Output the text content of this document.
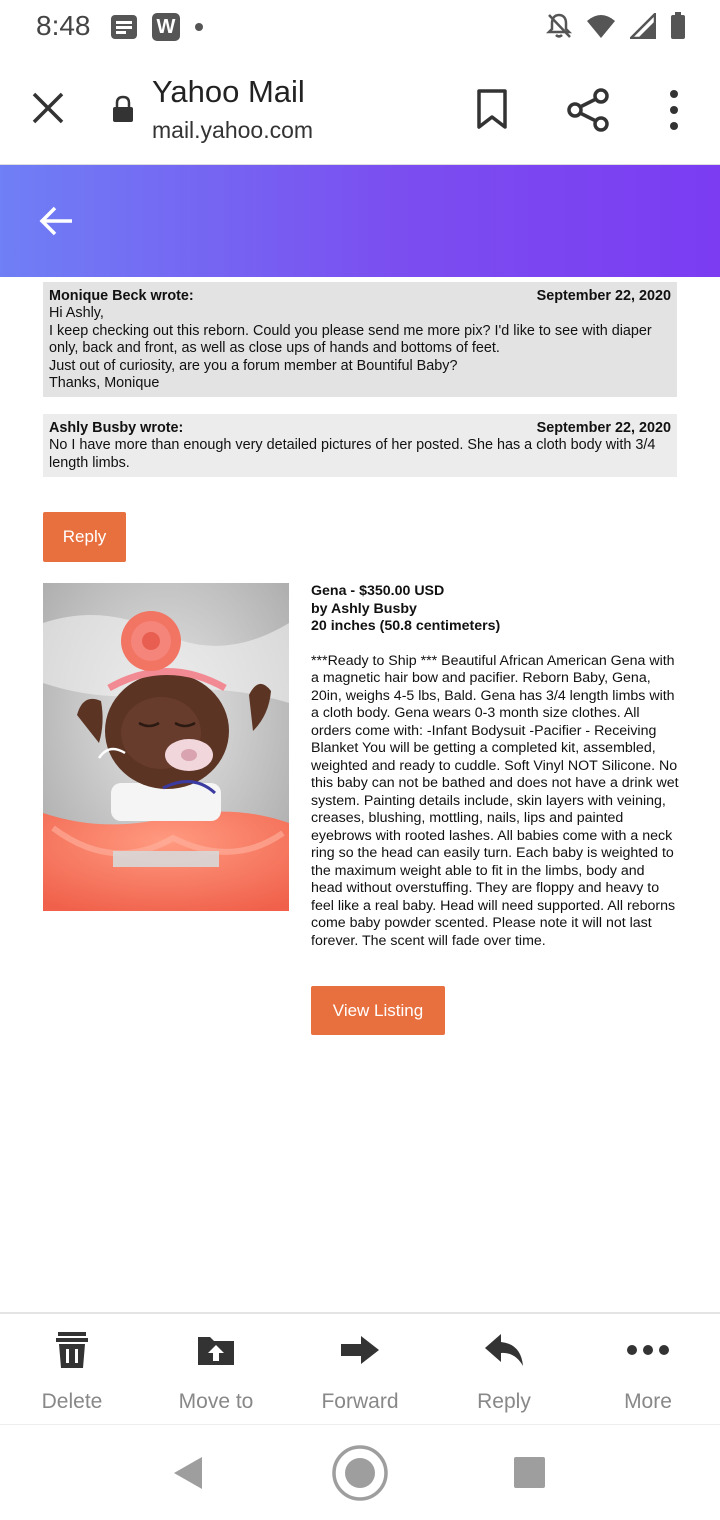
8:48	W
Yahoo Mail
mail.yahoo.com
Monique Beck wrote:	September 22, 2020

Hi Ashly,

I keep checking out this reborn. Could you please send me more pix? I'd like to see with diaper only, back and front, as well as close ups of hands and bottoms of feet.

Just out of curiosity, are you a forum member at Bountiful Baby?

Thanks, Monique

Ashly Busby wrote:	September 22, 2020

No I have more than enough very detailed pictures of her posted. She has a cloth body with 3/4 length limbs.

Reply
Gena - $350.00 USD
by Ashly Busby
20 inches (50.8 centimeters)
***Ready to Ship *** Beautiful African American Gena with a magnetic hair bow and pacifier. Reborn Baby, Gena, 20in, weighs 4-5 lbs, Bald. Gena has 3/4 length limbs with a cloth body. Gena wears 0-3 month size clothes. All orders come with: -Infant Bodysuit -Pacifier - Receiving Blanket You will be getting a completed kit, assembled, weighted and ready to cuddle. Soft Vinyl NOT Silicone. No this baby can not be bathed and does not have a drink wet system. Painting details include, skin layers with veining, creases, blushing, mottling, nails, lips and painted eyebrows with rooted lashes. All babies come with a neck ring so the head can easily turn. Each baby is weighted to the maximum weight able to fit in the limbs, body and head without overstuffing. They are floppy and heavy to feel like a real baby. Head will need supported. All reborns come baby powder scented. Please note it will not last forever. The scent will fade over time.
View Listing
Delete	Move to	Forward	Reply	More
